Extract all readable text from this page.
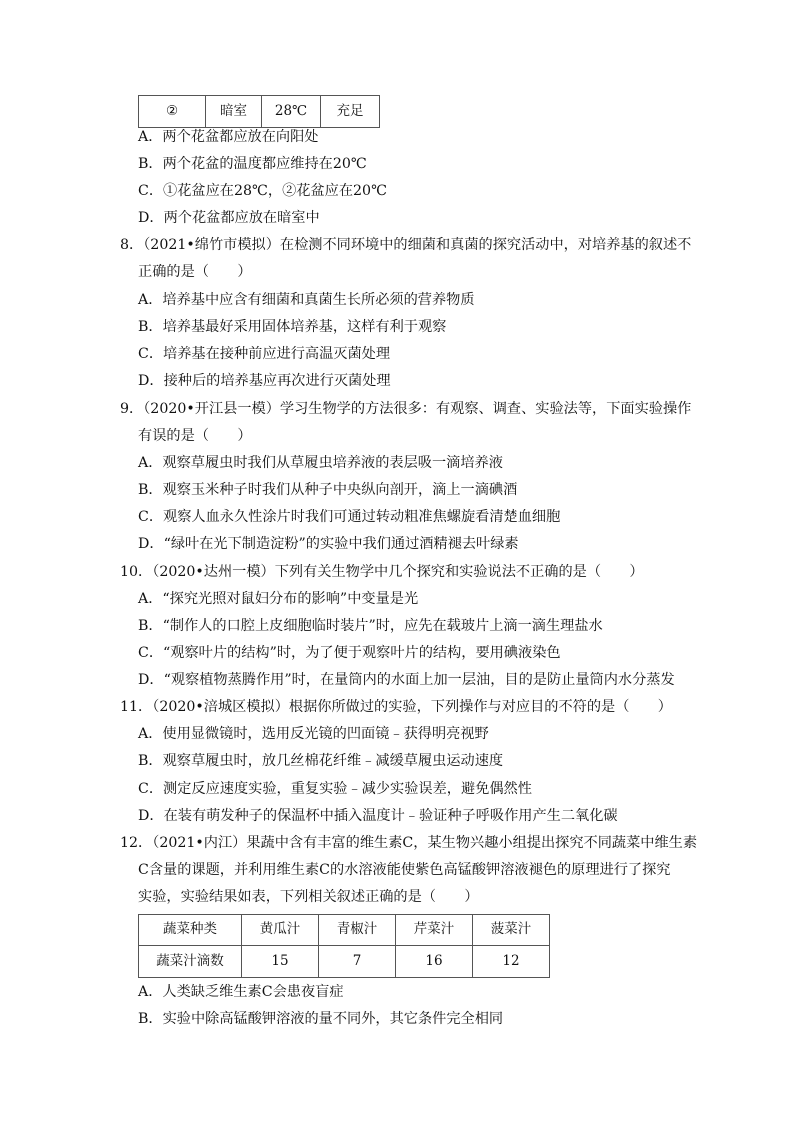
②	暗室	28℃	充足
A．两个花盆都应放在向阳处
B．两个花盆的温度都应维持在20℃
C．①花盆应在28℃，②花盆应在20℃
D．两个花盆都应放在暗室中
8．（2021•绵竹市模拟）在检测不同环境中的细菌和真菌的探究活动中，对培养基的叙述不
正确的是（　　）
A．培养基中应含有细菌和真菌生长所必须的营养物质
B．培养基最好采用固体培养基，这样有利于观察
C．培养基在接种前应进行高温灭菌处理
D．接种后的培养基应再次进行灭菌处理
9．（2020•开江县一模）学习生物学的方法很多：有观察、调查、实验法等，下面实验操作
有误的是（　　）
A．观察草履虫时我们从草履虫培养液的表层吸一滴培养液
B．观察玉米种子时我们从种子中央纵向剖开，滴上一滴碘酒
C．观察人血永久性涂片时我们可通过转动粗准焦螺旋看清楚血细胞
D．“绿叶在光下制造淀粉”的实验中我们通过酒精褪去叶绿素
10．（2020•达州一模）下列有关生物学中几个探究和实验说法不正确的是（　　）
A．“探究光照对鼠妇分布的影响”中变量是光
B．“制作人的口腔上皮细胞临时装片”时，应先在载玻片上滴一滴生理盐水
C．“观察叶片的结构”时，为了便于观察叶片的结构，要用碘液染色
D．“观察植物蒸腾作用”时，在量筒内的水面上加一层油，目的是防止量筒内水分蒸发
11．（2020•涪城区模拟）根据你所做过的实验，下列操作与对应目的不符的是（　　）
A．使用显微镜时，选用反光镜的凹面镜﹣获得明亮视野
B．观察草履虫时，放几丝棉花纤维﹣减缓草履虫运动速度
C．测定反应速度实验，重复实验﹣减少实验误差，避免偶然性
D．在装有萌发种子的保温杯中插入温度计﹣验证种子呼吸作用产生二氧化碳
12．（2021•内江）果蔬中含有丰富的维生素C，某生物兴趣小组提出探究不同蔬菜中维生素
C含量的课题，并利用维生素C的水溶液能使紫色高锰酸钾溶液褪色的原理进行了探究
实验，实验结果如表，下列相关叙述正确的是（　　）
蔬菜种类	黄瓜汁	青椒汁	芹菜汁	菠菜汁
蔬菜汁滴数	15	7	16	12
A．人类缺乏维生素C会患夜盲症
B．实验中除高锰酸钾溶液的量不同外，其它条件完全相同
